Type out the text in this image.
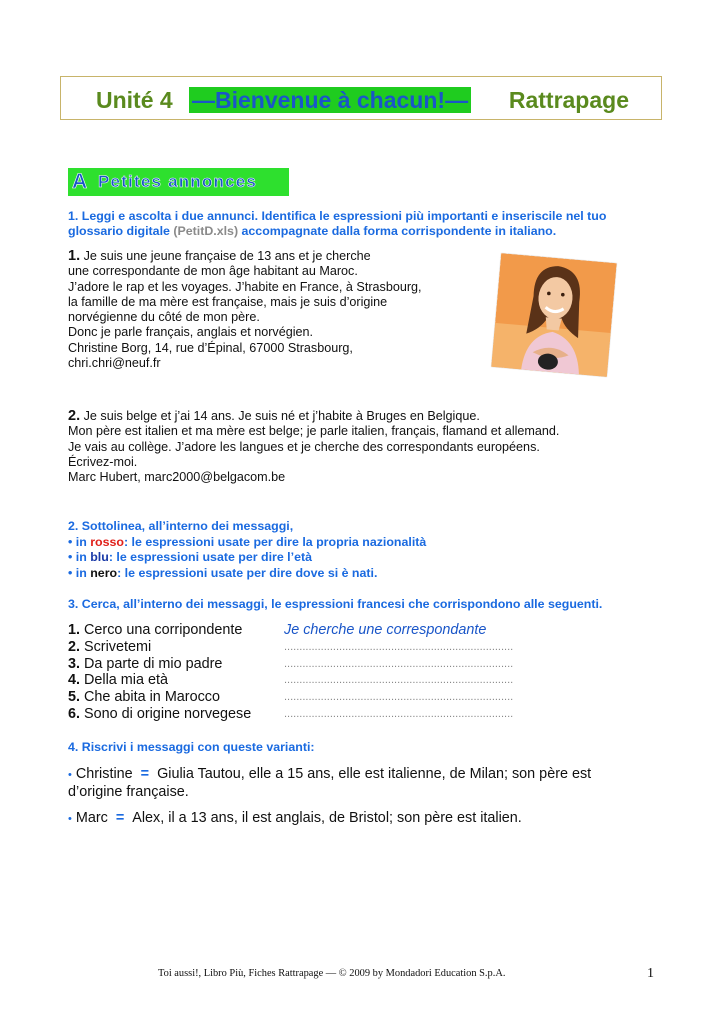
Unité 4 —Bienvenue à chacun!— Rattrapage
A Petites annonces
1. Leggi e ascolta i due annunci. Identifica le espressioni più importanti e inseriscile nel tuo
glossario digitale (PetitD.xls) accompagnate dalla forma corrispondente in italiano.
1. Je suis une jeune française de 13 ans et je cherche
une correspondante de mon âge habitant au Maroc.
J’adore le rap et les voyages. J’habite en France, à Strasbourg,
la famille de ma mère est française, mais je suis d’origine
norvégienne du côté de mon père.
Donc je parle français, anglais et norvégien.
Christine Borg, 14, rue d’Épinal, 67000 Strasbourg,
chri.chri@neuf.fr
2. Je suis belge et j’ai 14 ans. Je suis né et j’habite à Bruges en Belgique.
Mon père est italien et ma mère est belge; je parle italien, français, flamand et allemand.
Je vais au collège. J’adore les langues et je cherche des correspondants européens.
Écrivez-moi.
Marc Hubert, marc2000@belgacom.be
2. Sottolinea, all’interno dei messaggi,
• in rosso: le espressioni usate per dire la propria nazionalità
• in blu: le espressioni usate per dire l’età
• in nero: le espressioni usate per dire dove si è nati.
3. Cerca, all’interno dei messaggi, le espressioni francesi che corrispondono alle seguenti.
1. Cerco una corripondente	Je cherche une correspondante
2. Scrivetemi	...........................................................................
3. Da parte di mio padre	...........................................................................
4. Della mia età	...........................................................................
5. Che abita in Marocco	...........................................................................
6. Sono di origine norvegese	...........................................................................
4. Riscrivi i messaggi con queste varianti:
• Christine = Giulia Tautou, elle a 15 ans, elle est italienne, de Milan; son père est
d’origine française.
• Marc = Alex, il a 13 ans, il est anglais, de Bristol; son père est italien.
Toi aussi!, Libro Più, Fiches Rattrapage — © 2009 by Mondadori Education S.p.A.	1
